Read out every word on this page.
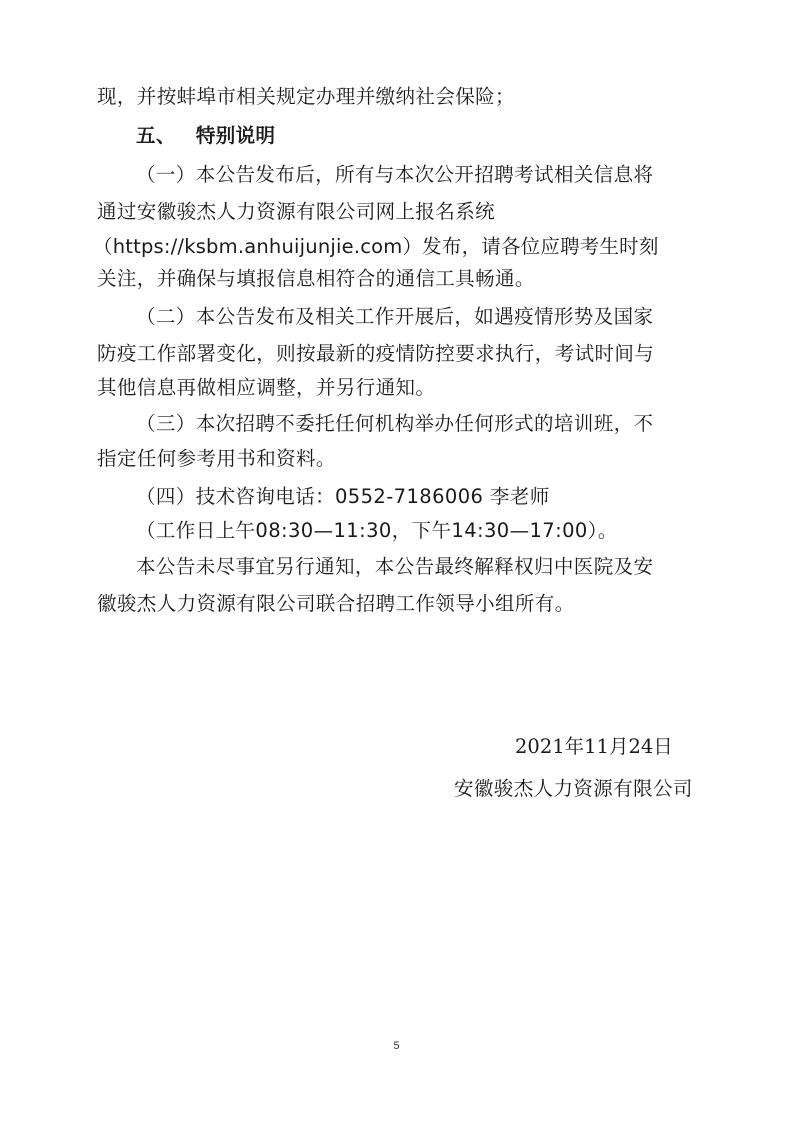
现，并按蚌埠市相关规定办理并缴纳社会保险；
五、 特别说明
（一）本公告发布后，所有与本次公开招聘考试相关信息将
通过安徽骏杰人力资源有限公司网上报名系统
（https://ksbm.anhuijunjie.com）发布，请各位应聘考生时刻
关注，并确保与填报信息相符合的通信工具畅通。
（二）本公告发布及相关工作开展后，如遇疫情形势及国家
防疫工作部署变化，则按最新的疫情防控要求执行，考试时间与
其他信息再做相应调整，并另行通知。
（三）本次招聘不委托任何机构举办任何形式的培训班，不
指定任何参考用书和资料。
（四）技术咨询电话：0552-7186006 李老师
（工作日上午08:30—11:30，下午14:30—17:00）。
本公告未尽事宜另行通知，本公告最终解释权归中医院及安
徽骏杰人力资源有限公司联合招聘工作领导小组所有。
2021年11月24日
安徽骏杰人力资源有限公司
5
